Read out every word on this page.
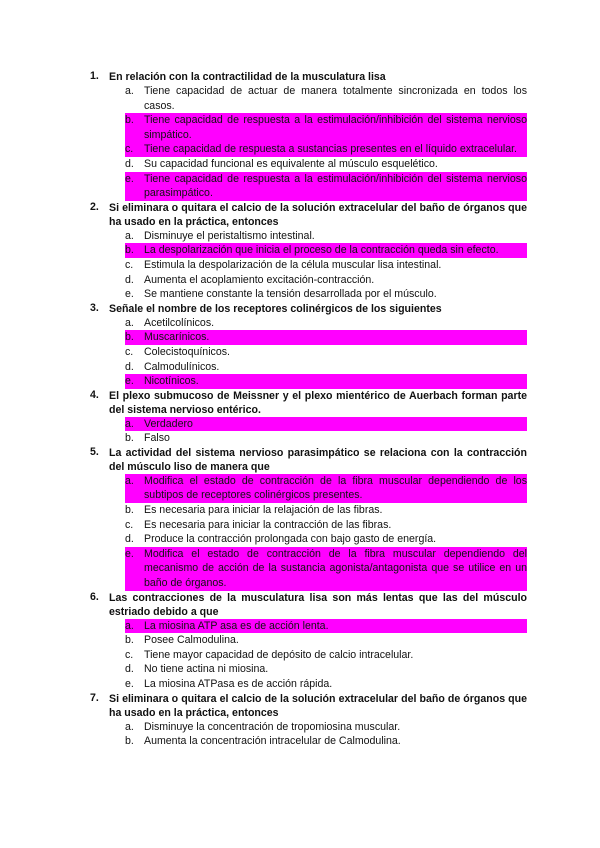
1. En relación con la contractilidad de la musculatura lisa
a. Tiene capacidad de actuar de manera totalmente sincronizada en todos los casos.
b. Tiene capacidad de respuesta a la estimulación/inhibición del sistema nervioso simpático.
c.	Tiene capacidad de respuesta a sustancias presentes en el líquido extracelular.
d. Su capacidad funcional es equivalente al músculo esquelético.
e. Tiene capacidad de respuesta a la estimulación/inhibición del sistema nervioso parasimpático.
2. Si eliminara o quitara el calcio de la solución extracelular del baño de órganos que ha usado en la práctica, entonces
a. Disminuye el peristaltismo intestinal.
b. La despolarización que inicia el proceso de la contracción queda sin efecto.
c.	Estimula la despolarización de la célula muscular lisa intestinal.
d. Aumenta el acoplamiento excitación-contracción.
e. Se mantiene constante la tensión desarrollada por el músculo.
3. Señale el nombre de los receptores colinérgicos de los siguientes
a. Acetilcolínicos.
b. Muscarínicos.
c.	Colecistoquínicos.
d. Calmodulínicos.
e. Nicotínicos.
4. El plexo submucoso de Meissner y el plexo mientérico de Auerbach forman parte del sistema nervioso entérico.
a. Verdadero
b. Falso
5. La actividad del sistema nervioso parasimpático se relaciona con la contracción del músculo liso de manera que
a. Modifica el estado de contracción de la fibra muscular dependiendo de los subtipos de receptores colinérgicos presentes.
b. Es necesaria para iniciar la relajación de las fibras.
c.	Es necesaria para iniciar la contracción de las fibras.
d. Produce la contracción prolongada con bajo gasto de energía.
e. Modifica el estado de contracción de la fibra muscular dependiendo del mecanismo de acción de la sustancia agonista/antagonista que se utilice en un baño de órganos.
6. Las contracciones de la musculatura lisa son más lentas que las del músculo estriado debido a que
a. La miosina ATP asa es de acción lenta.
b. Posee Calmodulina.
c.	Tiene mayor capacidad de depósito de calcio intracelular.
d. No tiene actina ni miosina.
e. La miosina ATPasa es de acción rápida.
7. Si eliminara o quitara el calcio de la solución extracelular del baño de órganos que ha usado en la práctica, entonces
a. Disminuye la concentración de tropomiosina muscular.
b. Aumenta la concentración intracelular de Calmodulina.
